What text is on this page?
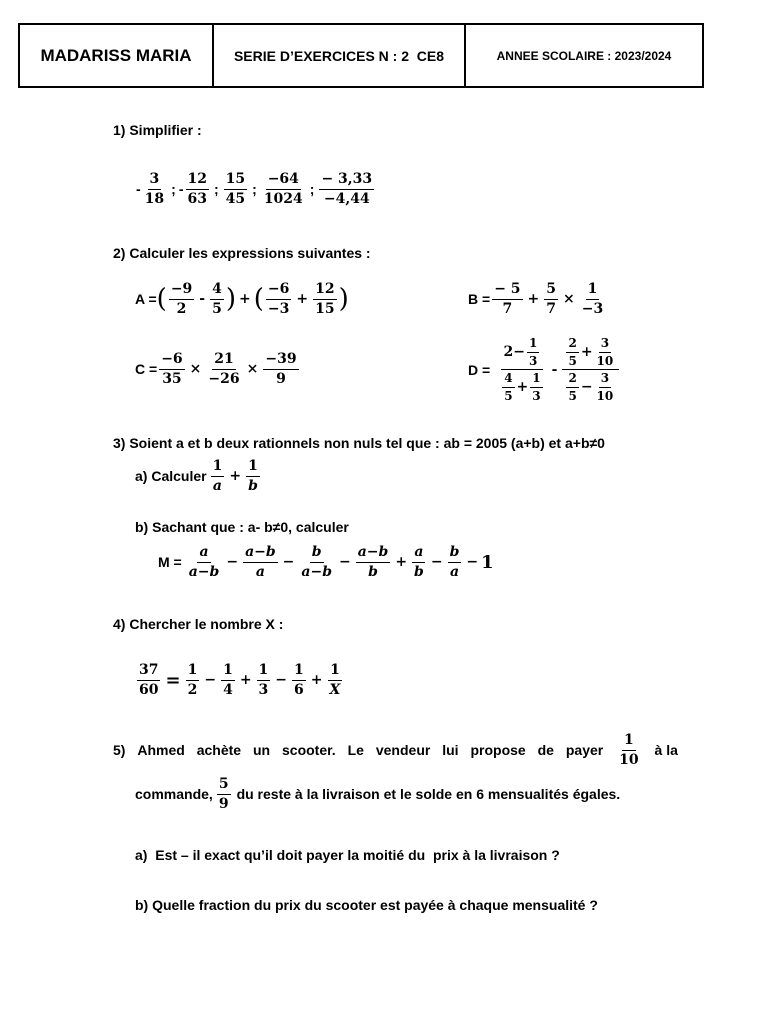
MADARISS MARIA	SERIE D’EXERCICES N : 2  CE8	ANNEE SCOLAIRE : 2023/2024
1) Simplifier :
-
3
18
; -
12
63
;
15
45
;
−64
1024
;
− 3,33
−4,44
2) Calculer les expressions suivantes :
A = ( −9
2
-
4
5 ) + ( −6
−3
+ $\frac{12}{15}$ )	$B = \frac{- 5}{7} + \frac{5}{7} \times \frac{1}{-3}$
$C = \frac{-6}{35} \times \frac{21}{-26} \times \frac{-39}{9}$	$D = 2 - \frac{1}{3}$
4
5
+ $\frac{1}{3}$ -
2
5
+ $\frac{3}{10}$
2
5
− $\frac{3}{10}$
3) Soient a et b deux rationnels non nuls tel que : ab = 2005 (a+b) et a+b≠0
a) Calculer
1
a
+ $\frac{1}{b}$
b) Sachant que : a- b≠0, calculer
$M = \frac{a}{a-b} - \frac{a-b}{a} - \frac{b}{a-b} - \frac{a-b}{b} + \frac{a}{b} - \frac{b}{a} - 1$
4) Chercher le nombre X :
$\frac{37}{60} = \frac{1}{2} - \frac{1}{4} + \frac{1}{3} - \frac{1}{6} + \frac{1}{X}$
5) Ahmed achète un scooter. Le vendeur lui propose de payer
1
10
à la
commande,
5
9
du reste à la livraison et le solde en 6 mensualités égales.
a)  Est – il exact qu’il doit payer la moitié du  prix à la livraison ?
b) Quelle fraction du prix du scooter est payée à chaque mensualité ?
